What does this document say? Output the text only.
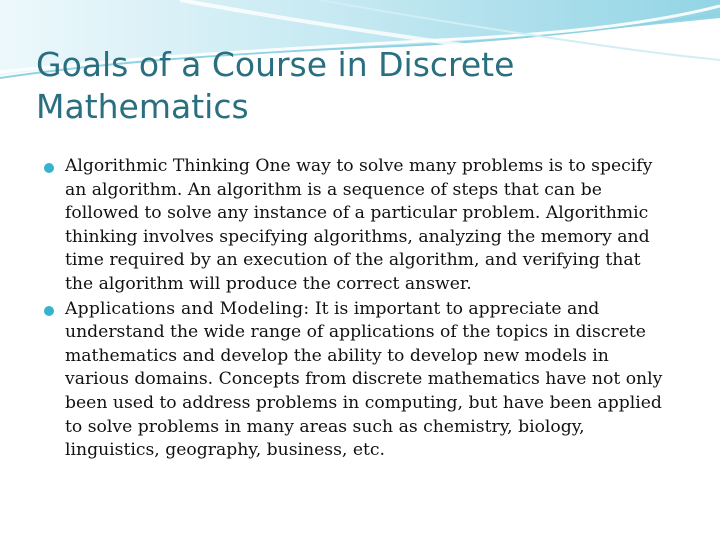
Goals of a Course in Discrete Mathematics
Algorithmic Thinking One way to solve many problems is to specify an algorithm. An algorithm is a sequence of steps that can be followed to solve any instance of a particular problem. Algorithmic thinking involves specifying algorithms, analyzing the memory and time required by an execution of the algorithm, and verifying that the algorithm will produce the correct answer.
Applications and Modeling: It is important to appreciate and understand the wide range of applications of the topics in discrete mathematics and develop the ability to develop new models in various domains. Concepts from discrete mathematics have not only been used to address problems in computing, but have been applied to solve problems in many areas such as chemistry, biology, linguistics, geography, business, etc.
